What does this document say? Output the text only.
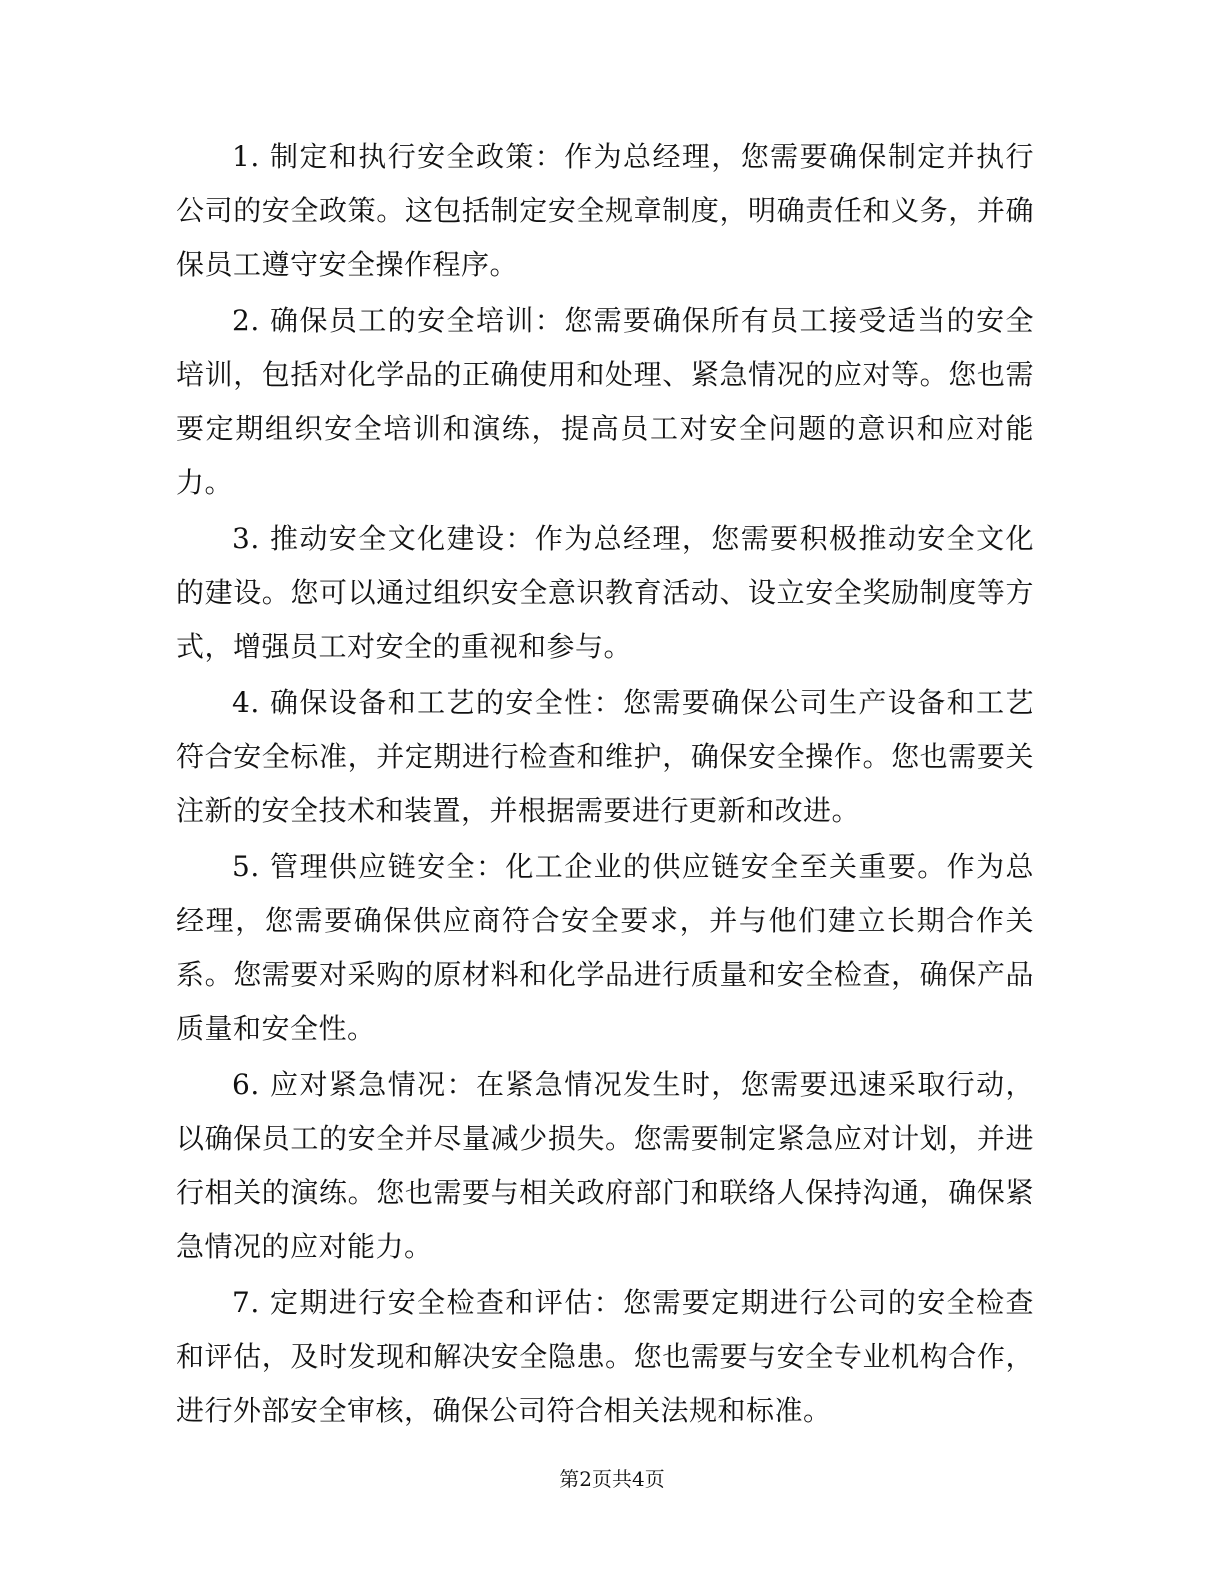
1. 制定和执行安全政策：作为总经理，您需要确保制定并执行公司的安全政策。这包括制定安全规章制度，明确责任和义务，并确保员工遵守安全操作程序。

2. 确保员工的安全培训：您需要确保所有员工接受适当的安全培训，包括对化学品的正确使用和处理、紧急情况的应对等。您也需要定期组织安全培训和演练，提高员工对安全问题的意识和应对能力。

3. 推动安全文化建设：作为总经理，您需要积极推动安全文化的建设。您可以通过组织安全意识教育活动、设立安全奖励制度等方式，增强员工对安全的重视和参与。

4. 确保设备和工艺的安全性：您需要确保公司生产设备和工艺符合安全标准，并定期进行检查和维护，确保安全操作。您也需要关注新的安全技术和装置，并根据需要进行更新和改进。

5. 管理供应链安全：化工企业的供应链安全至关重要。作为总经理，您需要确保供应商符合安全要求，并与他们建立长期合作关系。您需要对采购的原材料和化学品进行质量和安全检查，确保产品质量和安全性。

6. 应对紧急情况：在紧急情况发生时，您需要迅速采取行动，以确保员工的安全并尽量减少损失。您需要制定紧急应对计划，并进行相关的演练。您也需要与相关政府部门和联络人保持沟通，确保紧急情况的应对能力。

7. 定期进行安全检查和评估：您需要定期进行公司的安全检查和评估，及时发现和解决安全隐患。您也需要与安全专业机构合作，进行外部安全审核，确保公司符合相关法规和标准。

第2页共4页
